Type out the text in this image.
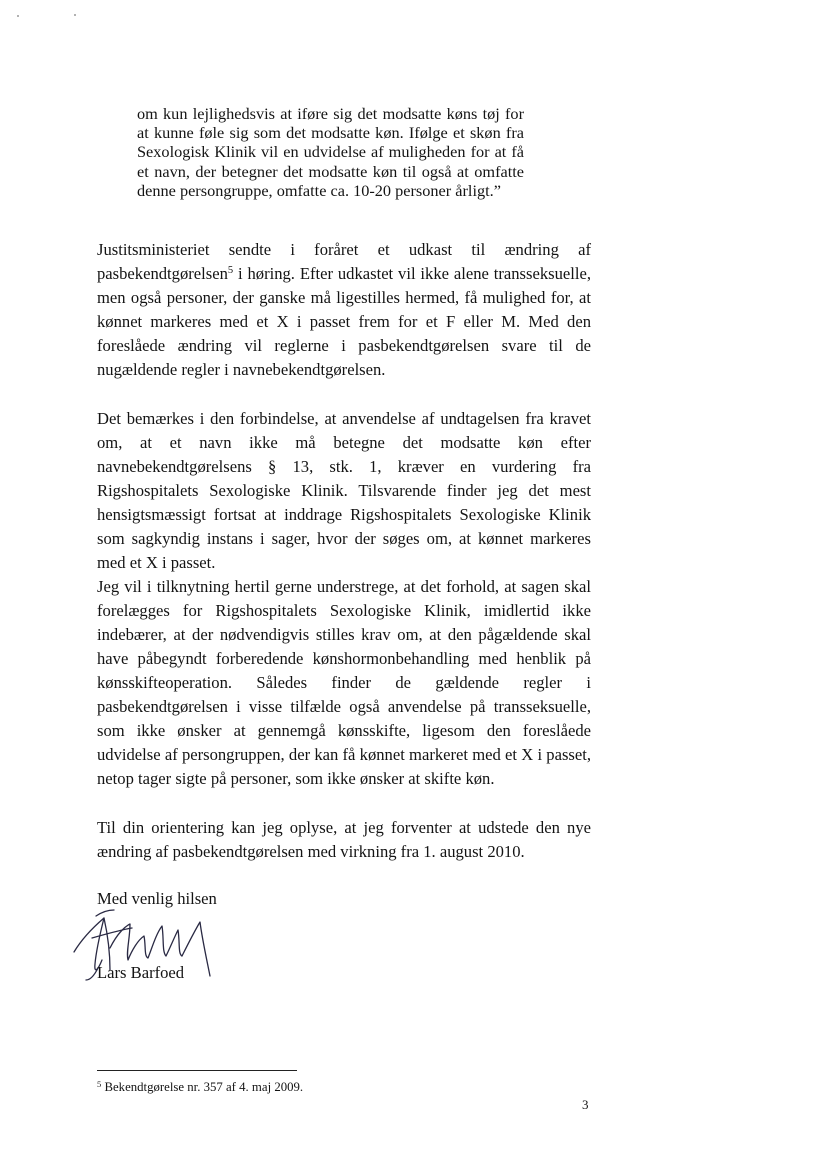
om kun lejlighedsvis at iføre sig det modsatte køns tøj for at kunne føle sig som det modsatte køn. Ifølge et skøn fra Sexologisk Klinik vil en udvidelse af muligheden for at få et navn, der betegner det modsatte køn til også at omfatte denne persongruppe, omfatte ca. 10-20 personer årligt.”

Justitsministeriet sendte i foråret et udkast til ændring af pasbekendtgørelsen$^5$ i høring. Efter udkastet vil ikke alene transseksuelle, men også personer, der ganske må ligestilles hermed, få mulighed for, at kønnet markeres med et X i passet frem for et F eller M. Med den foreslåede ændring vil reglerne i pasbekendtgørelsen svare til de nugældende regler i navnebekendtgørelsen.

Det bemærkes i den forbindelse, at anvendelse af undtagelsen fra kravet om, at et navn ikke må betegne det modsatte køn efter navnebekendtgørelsens § 13, stk. 1, kræver en vurdering fra Rigshospitalets Sexologiske Klinik. Tilsvarende finder jeg det mest hensigtsmæssigt fortsat at inddrage Rigshospitalets Sexologiske Klinik som sagkyndig instans i sager, hvor der søges om, at kønnet markeres med et X i passet.

Jeg vil i tilknytning hertil gerne understrege, at det forhold, at sagen skal forelægges for Rigshospitalets Sexologiske Klinik, imidlertid ikke indebærer, at der nødvendigvis stilles krav om, at den pågældende skal have påbegyndt forberedende kønshormonbehandling med henblik på kønsskifteoperation. Således finder de gældende regler i pasbekendtgørelsen i visse tilfælde også anvendelse på transseksuelle, som ikke ønsker at gennemgå kønsskifte, ligesom den foreslåede udvidelse af persongruppen, der kan få kønnet markeret med et X i passet, netop tager sigte på personer, som ikke ønsker at skifte køn.

Til din orientering kan jeg oplyse, at jeg forventer at udstede den nye ændring af pasbekendtgørelsen med virkning fra 1. august 2010.

Med venlig hilsen

Lars Barfoed

$^5$ Bekendtgørelse nr. 357 af 4. maj 2009.

3
